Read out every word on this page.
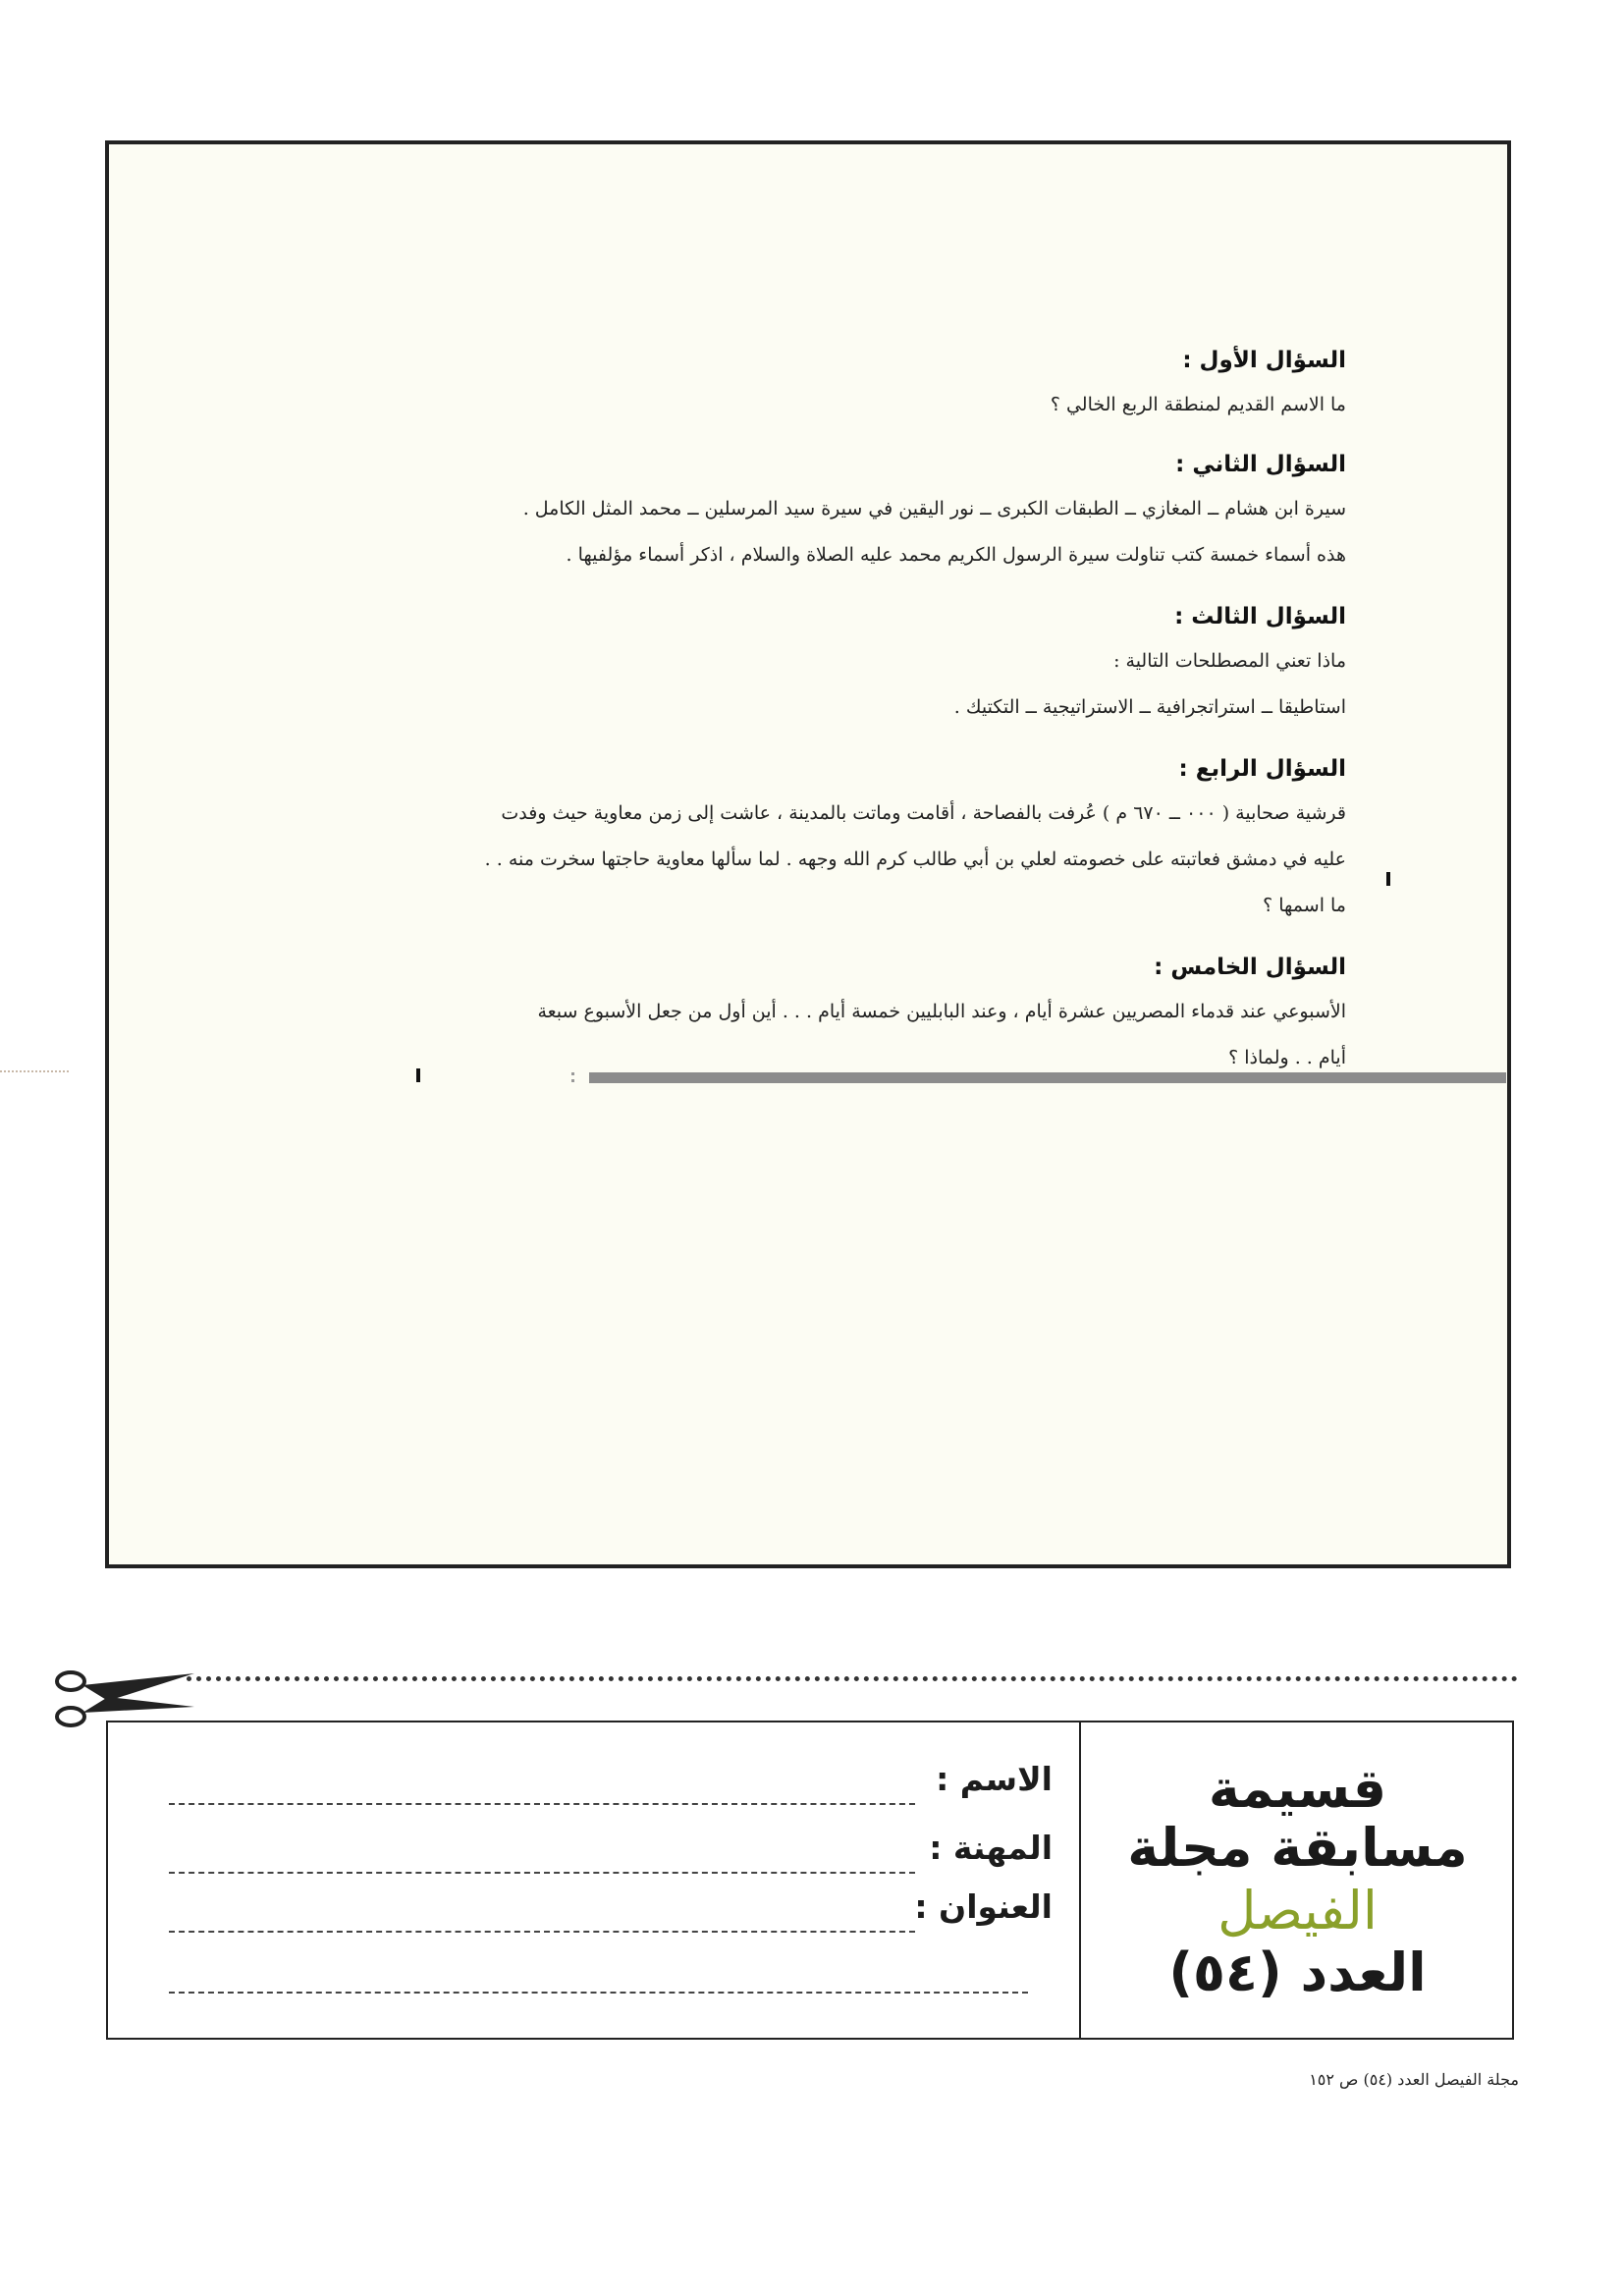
السؤال الأول :
ما الاسم القديم لمنطقة الربع الخالي ؟
السؤال الثاني :
سيرة ابن هشام ــ المغازي ــ الطبقات الكبرى ــ نور اليقين في سيرة سيد المرسلين ــ محمد المثل الكامل .
هذه أسماء خمسة كتب تناولت سيرة الرسول الكريم محمد عليه الصلاة والسلام ، اذكر أسماء مؤلفيها .
السؤال الثالث :
ماذا تعني المصطلحات التالية :
استاطيقا ــ استراتجرافية ــ الاستراتيجية ــ التكتيك .
السؤال الرابع :
قرشية صحابية ( ٠٠٠ ــ ٦٧٠ م ) عُرفت بالفصاحة ، أقامت وماتت بالمدينة ، عاشت إلى زمن معاوية حيث وفدت
عليه في دمشق فعاتبته على خصومته لعلي بن أبي طالب كرم الله وجهه . لما سألها معاوية حاجتها سخرت منه . .
ما اسمها ؟
السؤال الخامس :
الأسبوعي عند قدماء المصريين عشرة أيام ، وعند البابليين خمسة أيام . . . أين أول من جعل الأسبوع سبعة
أيام . . ولماذا ؟
الاسم :
المهنة :
العنوان :
قسيمة
مسابقة مجلة
الفيصل
العدد (٥٤)
مجلة الفيصل العدد (٥٤) ص ١٥٢
